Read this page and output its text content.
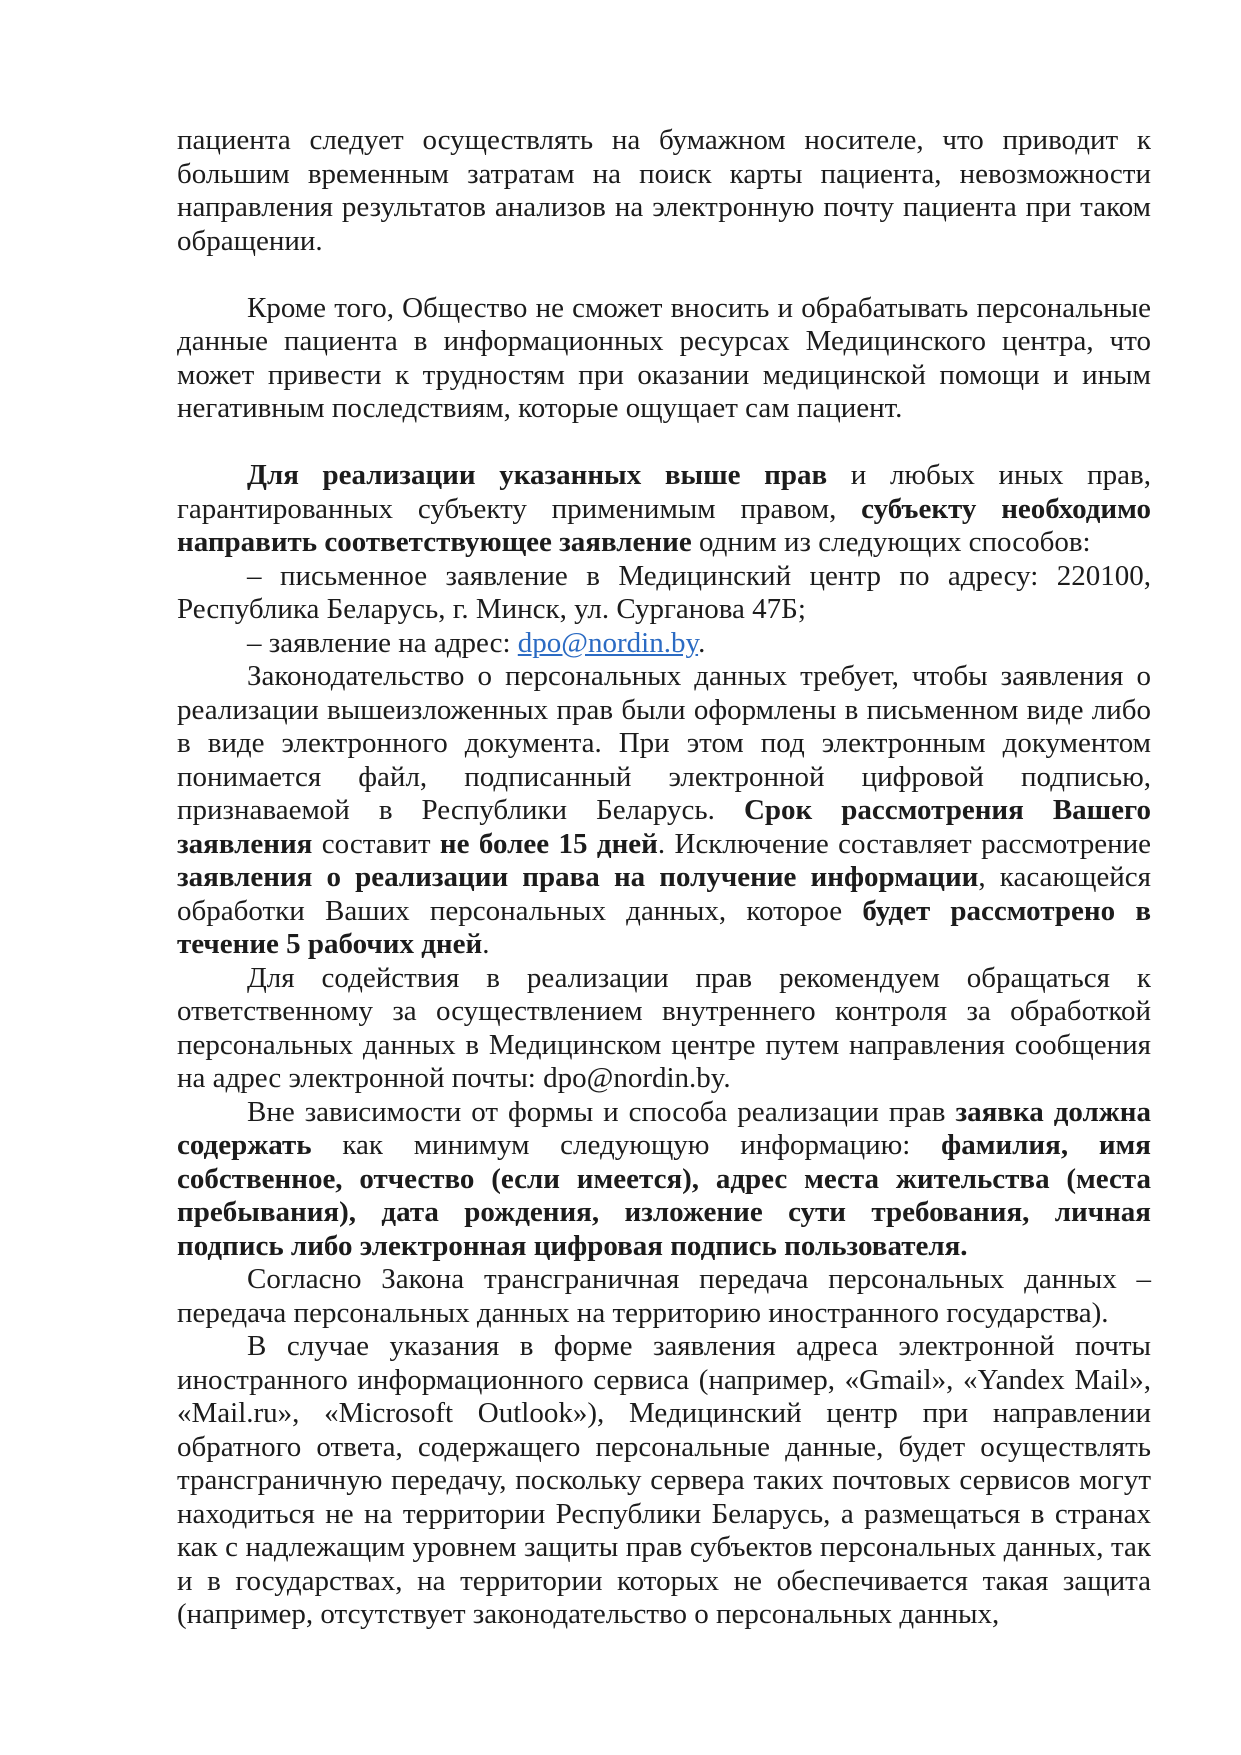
пациента следует осуществлять на бумажном носителе, что приводит к большим временным затратам на поиск карты пациента, невозможности направления результатов анализов на электронную почту пациента при таком обращении.

Кроме того, Общество не сможет вносить и обрабатывать персональные данные пациента в информационных ресурсах Медицинского центра, что может привести к трудностям при оказании медицинской помощи и иным негативным последствиям, которые ощущает сам пациент.

Для реализации указанных выше прав и любых иных прав, гарантированных субъекту применимым правом, субъекту необходимо направить соответствующее заявление одним из следующих способов:

– письменное заявление в Медицинский центр по адресу: 220100, Республика Беларусь, г. Минск, ул. Сурганова 47Б;

– заявление на адрес: dpo@nordin.by.

Законодательство о персональных данных требует, чтобы заявления о реализации вышеизложенных прав были оформлены в письменном виде либо в виде электронного документа. При этом под электронным документом понимается файл, подписанный электронной цифровой подписью, признаваемой в Республики Беларусь. Срок рассмотрения Вашего заявления составит не более 15 дней. Исключение составляет рассмотрение заявления о реализации права на получение информации, касающейся обработки Ваших персональных данных, которое будет рассмотрено в течение 5 рабочих дней.

Для содействия в реализации прав рекомендуем обращаться к ответственному за осуществлением внутреннего контроля за обработкой персональных данных в Медицинском центре путем направления сообщения на адрес электронной почты: dpo@nordin.by.

Вне зависимости от формы и способа реализации прав заявка должна содержать как минимум следующую информацию: фамилия, имя собственное, отчество (если имеется), адрес места жительства (места пребывания), дата рождения, изложение сути требования, личная подпись либо электронная цифровая подпись пользователя.

Согласно Закона трансграничная передача персональных данных – передача персональных данных на территорию иностранного государства).

В случае указания в форме заявления адреса электронной почты иностранного информационного сервиса (например, «Gmail», «Yandex Mail», «Mail.ru», «Microsoft Outlook»), Медицинский центр при направлении обратного ответа, содержащего персональные данные, будет осуществлять трансграничную передачу, поскольку сервера таких почтовых сервисов могут находиться не на территории Республики Беларусь, а размещаться в странах как с надлежащим уровнем защиты прав субъектов персональных данных, так и в государствах, на территории которых не обеспечивается такая защита (например, отсутствует законодательство о персональных данных,
